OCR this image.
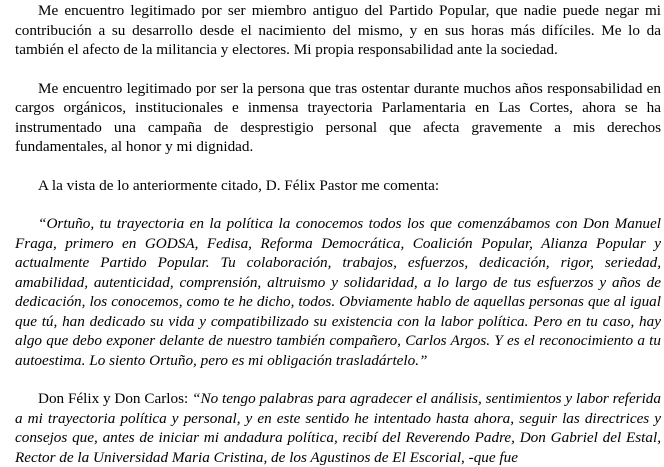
Me encuentro legitimado por ser miembro antiguo del Partido Popular, que nadie puede negar mi contribución a su desarrollo desde el nacimiento del mismo, y en sus horas más difíciles. Me lo da también el afecto de la militancia y electores. Mi propia responsabilidad ante la sociedad.

Me encuentro legitimado por ser la persona que tras ostentar durante muchos años responsabilidad en cargos orgánicos, institucionales e inmensa trayectoria Parlamentaria en Las Cortes, ahora se ha instrumentado una campaña de desprestigio personal que afecta gravemente a mis derechos fundamentales, al honor y mi dignidad.

A la vista de lo anteriormente citado, D. Félix Pastor me comenta:

“Ortuño, tu trayectoria en la política la conocemos todos los que comenzábamos con Don Manuel Fraga, primero en GODSA, Fedisa, Reforma Democrática, Coalición Popular, Alianza Popular y actualmente Partido Popular. Tu colaboración, trabajos, esfuerzos, dedicación, rigor, seriedad, amabilidad, autenticidad, comprensión, altruismo y solidaridad, a lo largo de tus esfuerzos y años de dedicación, los conocemos, como te he dicho, todos. Obviamente hablo de aquellas personas que al igual que tú, han dedicado su vida y compatibilizado su existencia con la labor política. Pero en tu caso, hay algo que debo exponer delante de nuestro también compañero, Carlos Argos. Y es el reconocimiento a tu autoestima. Lo siento Ortuño, pero es mi obligación trasladártelo.”

Don Félix y Don Carlos: “No tengo palabras para agradecer el análisis, sentimientos y labor referida a mi trayectoria política y personal, y en este sentido he intentado hasta ahora, seguir las directrices y consejos que, antes de iniciar mi andadura política, recibí del Reverendo Padre, Don Gabriel del Estal, Rector de la Universidad Maria Cristina, de los Agustinos de El Escorial, -que fue
